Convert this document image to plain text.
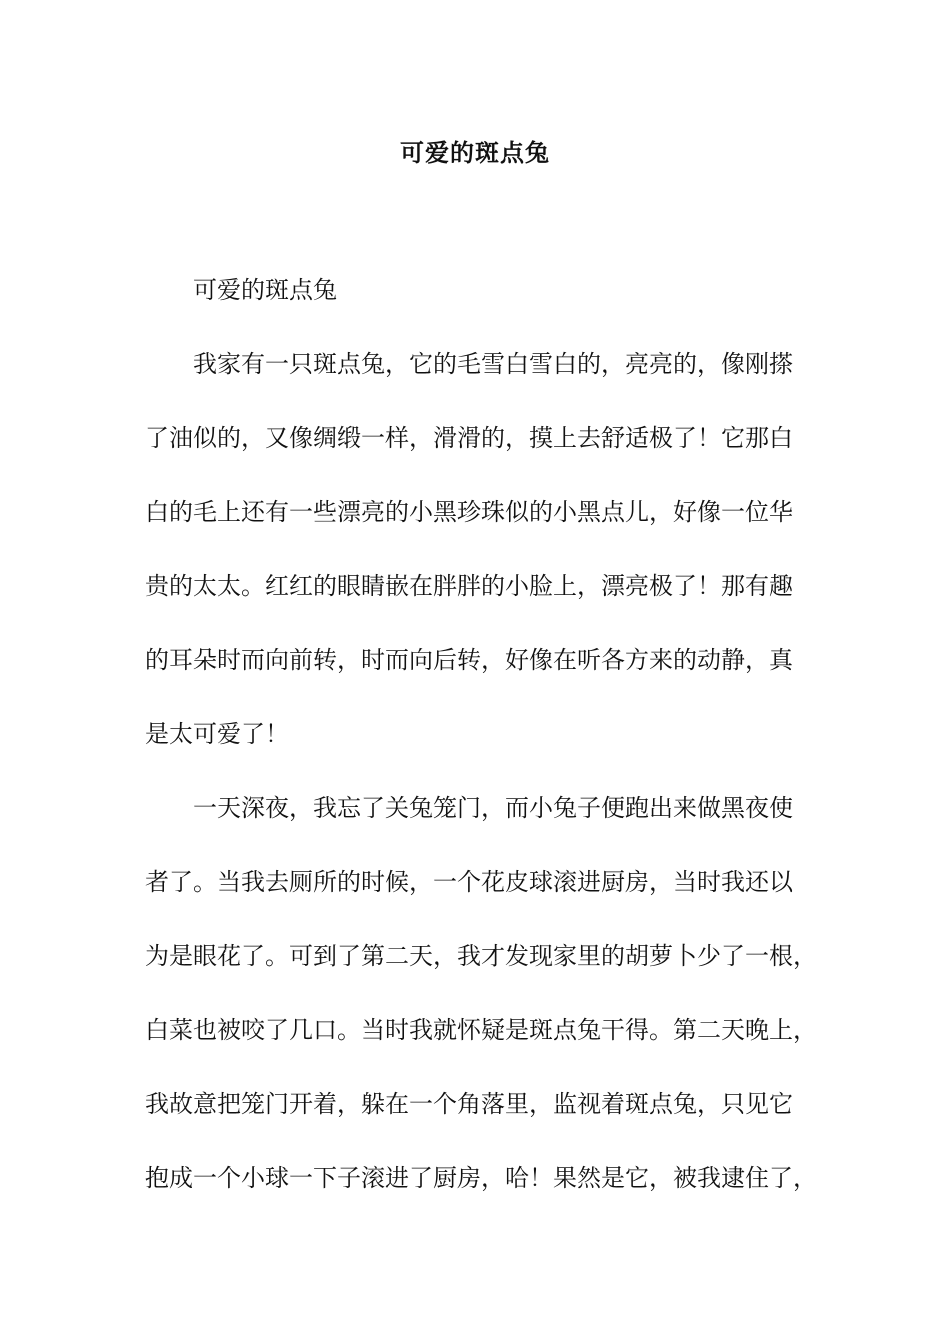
可爱的斑点兔
可爱的斑点兔
我家有一只斑点兔，它的毛雪白雪白的，亮亮的，像刚搽
了油似的，又像绸缎一样，滑滑的，摸上去舒适极了！它那白
白的毛上还有一些漂亮的小黑珍珠似的小黑点儿，好像一位华
贵的太太。红红的眼睛嵌在胖胖的小脸上，漂亮极了！那有趣
的耳朵时而向前转，时而向后转，好像在听各方来的动静，真
是太可爱了！
一天深夜，我忘了关兔笼门，而小兔子便跑出来做黑夜使
者了。当我去厕所的时候，一个花皮球滚进厨房，当时我还以
为是眼花了。可到了第二天，我才发现家里的胡萝卜少了一根，
白菜也被咬了几口。当时我就怀疑是斑点兔干得。第二天晚上，
我故意把笼门开着，躲在一个角落里，监视着斑点兔，只见它
抱成一个小球一下子滚进了厨房，哈！果然是它，被我逮住了，
